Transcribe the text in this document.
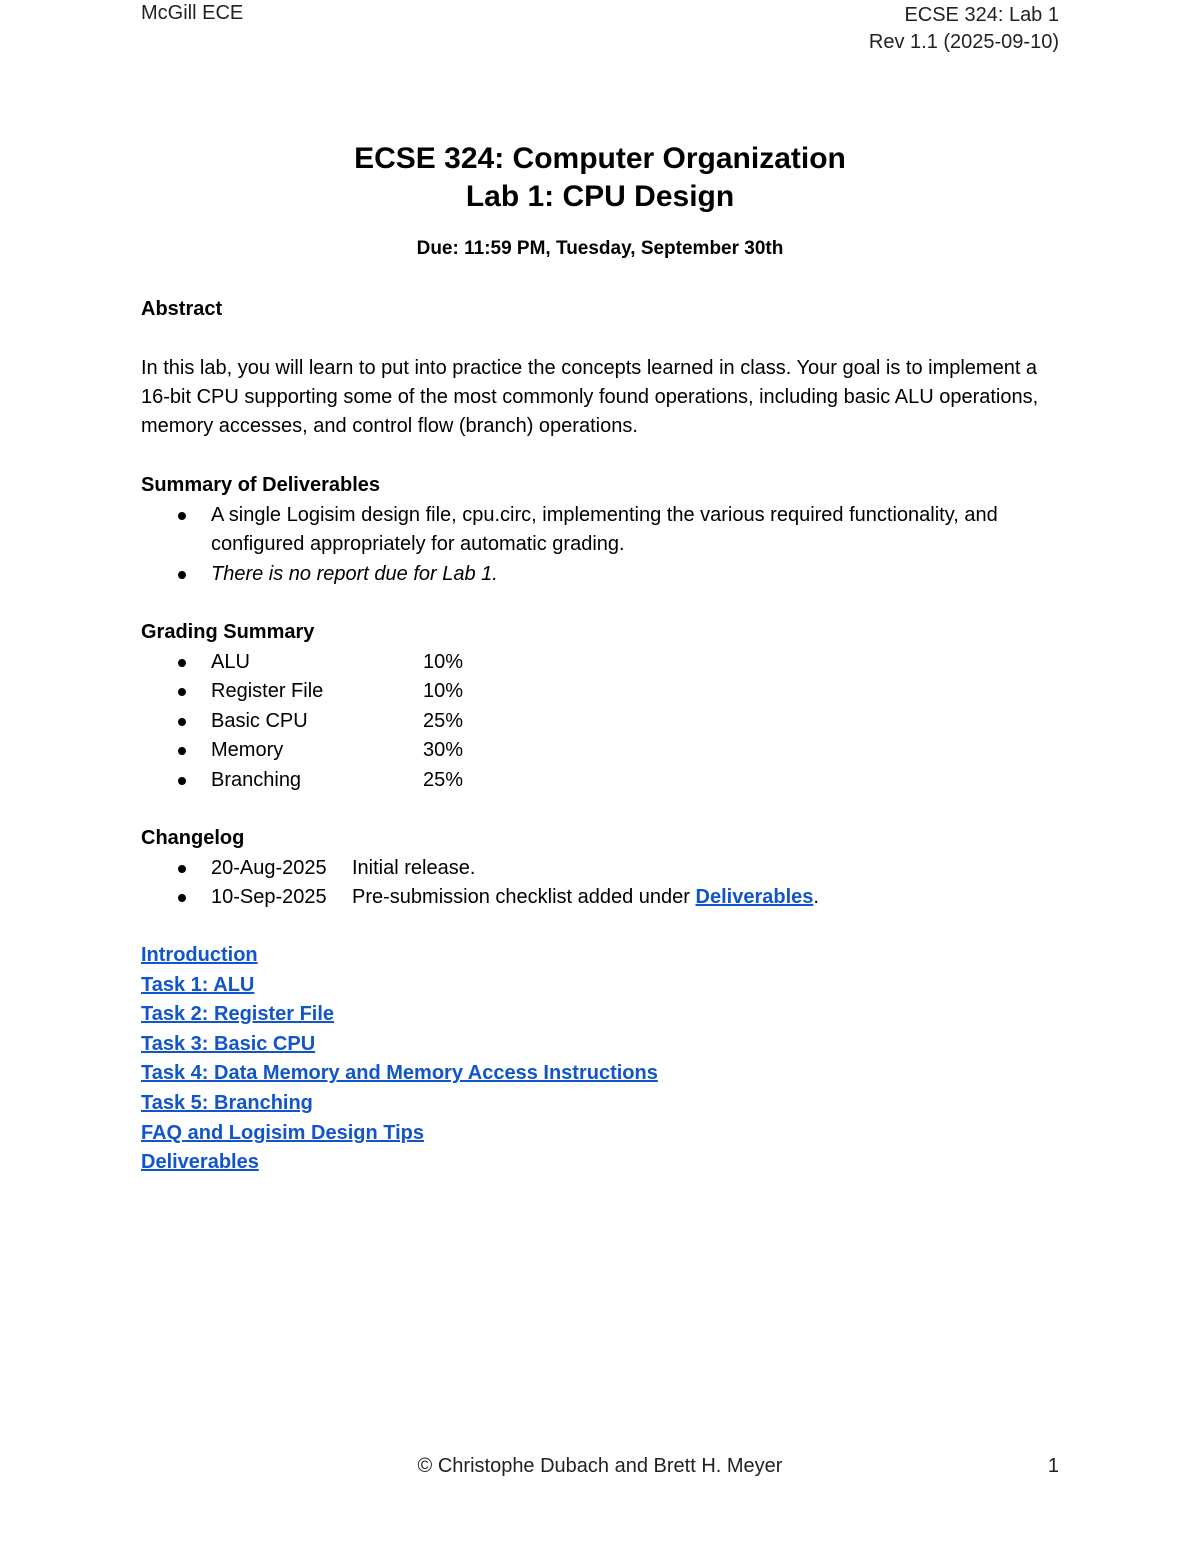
McGill ECE	ECSE 324: Lab 1
Rev 1.1 (2025-09-10)
ECSE 324: Computer Organization
Lab 1: CPU Design
Due: 11:59 PM, Tuesday, September 30th
Abstract
In this lab, you will learn to put into practice the concepts learned in class. Your goal is to implement a 16-bit CPU supporting some of the most commonly found operations, including basic ALU operations, memory accesses, and control flow (branch) operations.
Summary of Deliverables
A single Logisim design file, cpu.circ, implementing the various required functionality, and configured appropriately for automatic grading.
There is no report due for Lab 1.
Grading Summary
ALU	10%
Register File	10%
Basic CPU	25%
Memory	30%
Branching	25%
Changelog
20-Aug-2025 Initial release.
10-Sep-2025 Pre-submission checklist added under Deliverables.
Introduction
Task 1: ALU
Task 2: Register File
Task 3: Basic CPU
Task 4: Data Memory and Memory Access Instructions
Task 5: Branching
FAQ and Logisim Design Tips
Deliverables
© Christophe Dubach and Brett H. Meyer	1
